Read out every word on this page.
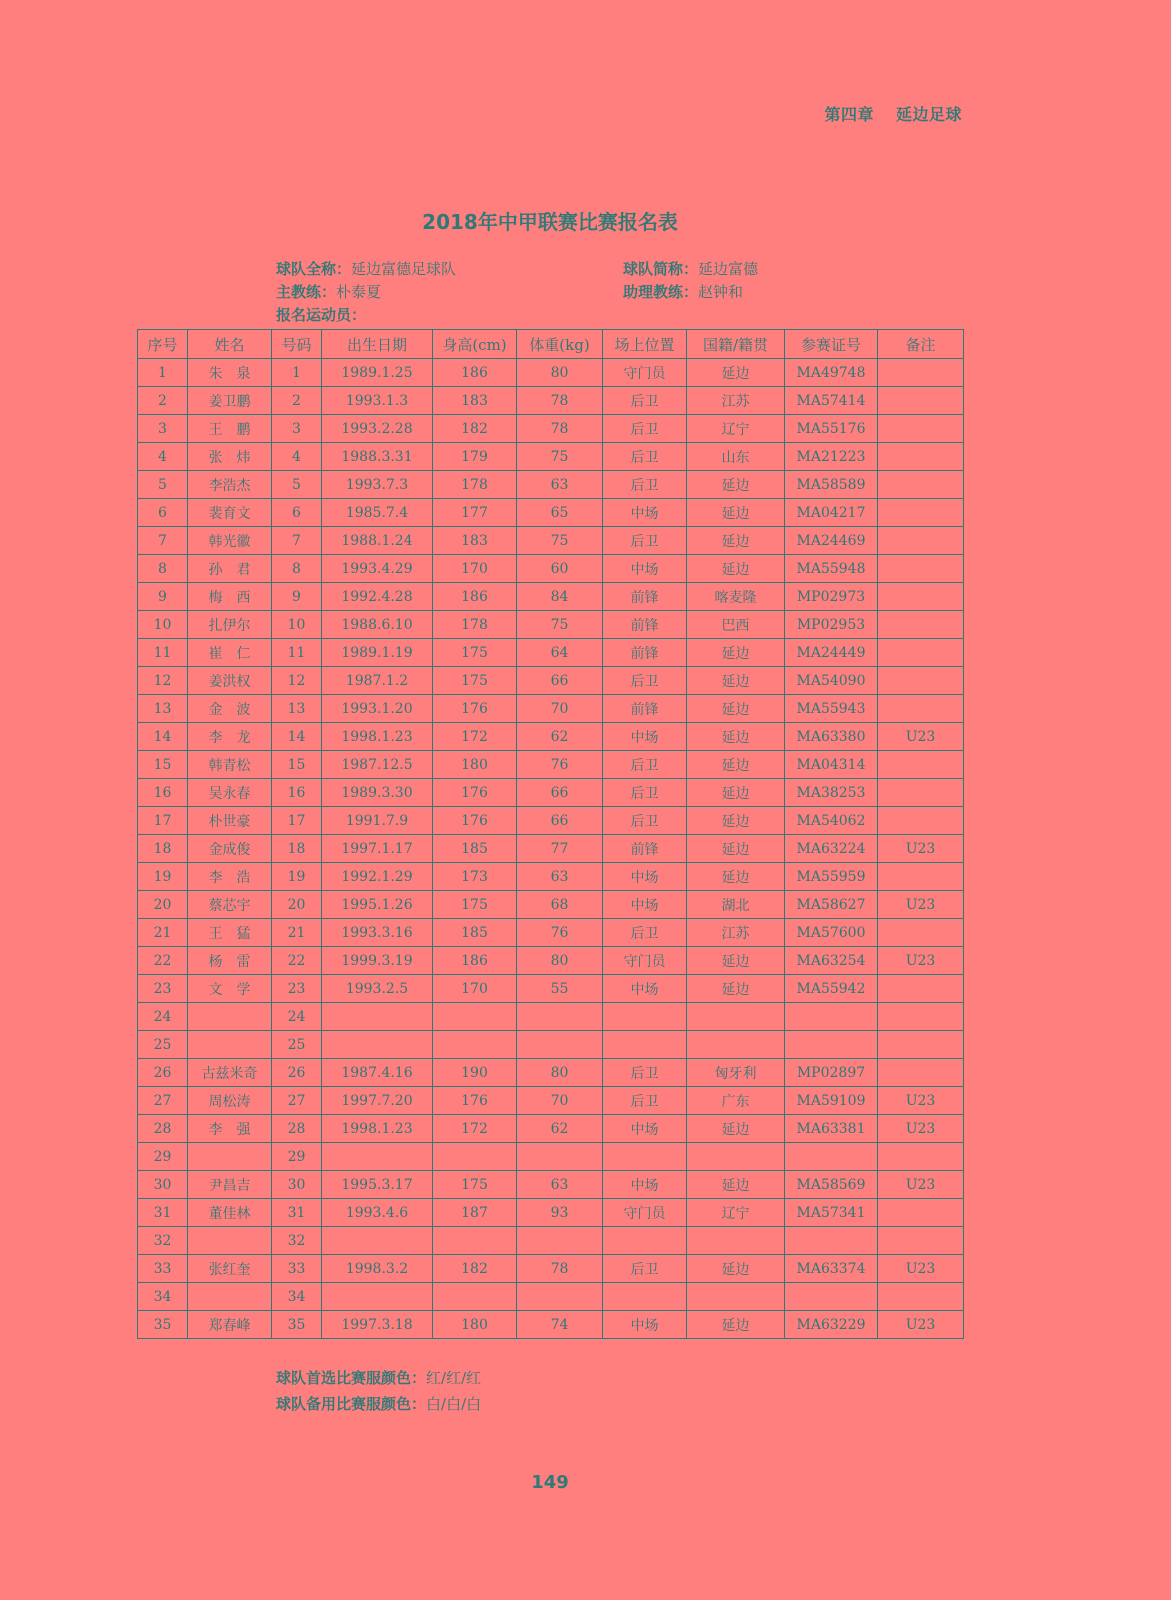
第四章 延边足球
2018年中甲联赛比赛报名表
球队全称：延边富德足球队	球队简称：延边富德
主教练：朴泰夏	助理教练：赵钟和
报名运动员：
序号	姓名	号码	出生日期	身高(cm)	体重(kg)	场上位置	国籍/籍贯	参赛证号	备注
1	朱　泉	1	1989.1.25	186	80	守门员	延边	MA49748	
2	姜卫鹏	2	1993.1.3	183	78	后卫	江苏	MA57414	
3	王　鹏	3	1993.2.28	182	78	后卫	辽宁	MA55176	
4	张　炜	4	1988.3.31	179	75	后卫	山东	MA21223	
5	李浩杰	5	1993.7.3	178	63	后卫	延边	MA58589	
6	裴育文	6	1985.7.4	177	65	中场	延边	MA04217	
7	韩光徽	7	1988.1.24	183	75	后卫	延边	MA24469	
8	孙　君	8	1993.4.29	170	60	中场	延边	MA55948	
9	梅　西	9	1992.4.28	186	84	前锋	喀麦隆	MP02973	
10	扎伊尔	10	1988.6.10	178	75	前锋	巴西	MP02953	
11	崔　仁	11	1989.1.19	175	64	前锋	延边	MA24449	
12	姜洪权	12	1987.1.2	175	66	后卫	延边	MA54090	
13	金　波	13	1993.1.20	176	70	前锋	延边	MA55943	
14	李　龙	14	1998.1.23	172	62	中场	延边	MA63380	U23
15	韩青松	15	1987.12.5	180	76	后卫	延边	MA04314	
16	吴永春	16	1989.3.30	176	66	后卫	延边	MA38253	
17	朴世豪	17	1991.7.9	176	66	后卫	延边	MA54062	
18	金成俊	18	1997.1.17	185	77	前锋	延边	MA63224	U23
19	李　浩	19	1992.1.29	173	63	中场	延边	MA55959	
20	蔡芯宇	20	1995.1.26	175	68	中场	湖北	MA58627	U23
21	王　猛	21	1993.3.16	185	76	后卫	江苏	MA57600	
22	杨　雷	22	1999.3.19	186	80	守门员	延边	MA63254	U23
23	文　学	23	1993.2.5	170	55	中场	延边	MA55942	
24		24							
25		25							
26	古兹米奇	26	1987.4.16	190	80	后卫	匈牙利	MP02897	
27	周松涛	27	1997.7.20	176	70	后卫	广东	MA59109	U23
28	李　强	28	1998.1.23	172	62	中场	延边	MA63381	U23
29		29							
30	尹昌吉	30	1995.3.17	175	63	中场	延边	MA58569	U23
31	董佳林	31	1993.4.6	187	93	守门员	辽宁	MA57341	
32		32							
33	张红奎	33	1998.3.2	182	78	后卫	延边	MA63374	U23
34		34							
35	郑春峰	35	1997.3.18	180	74	中场	延边	MA63229	U23
球队首选比赛服颜色：红/红/红
球队备用比赛服颜色：白/白/白
149
